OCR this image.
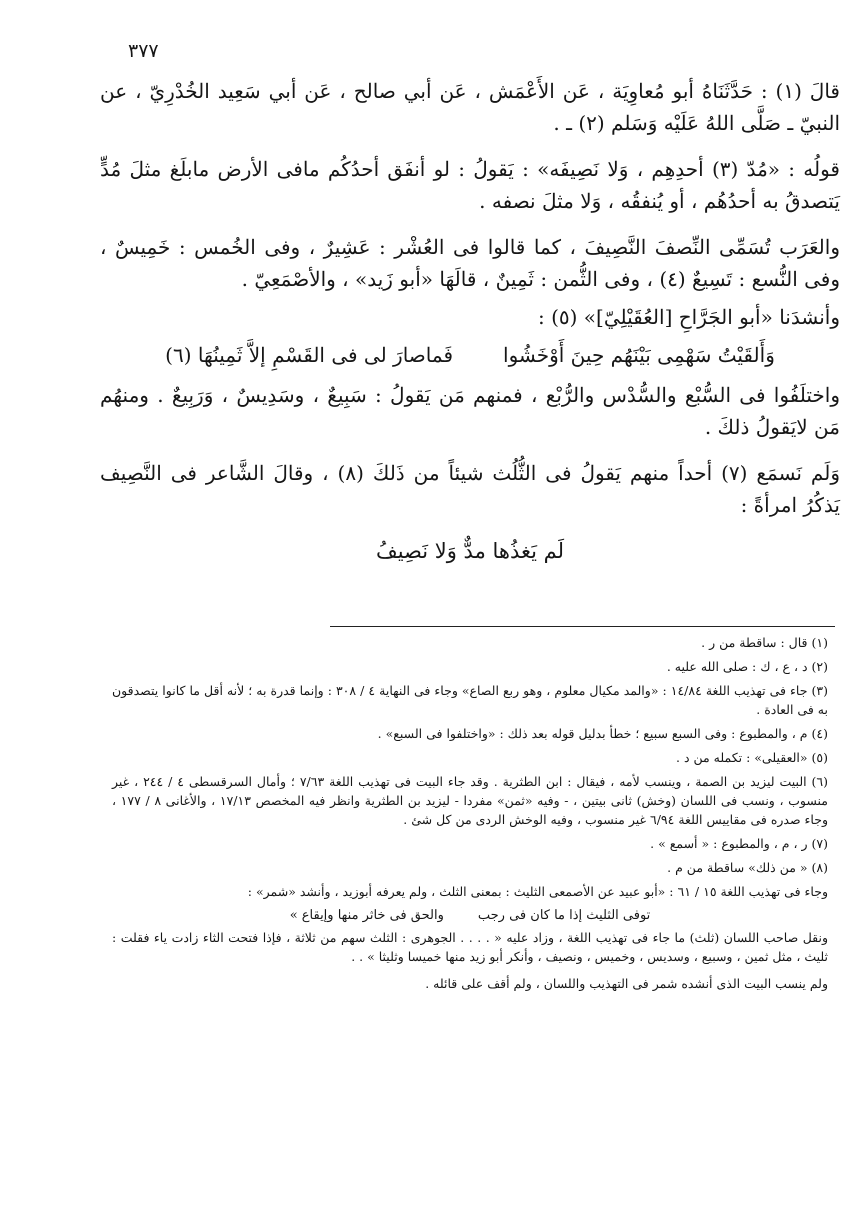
٣٧٧

قالَ (١) : حَدَّثَنَاهُ أبو مُعاوِيَة ، عَن الأَعْمَش ، عَن أبي صالح ، عَن أبي سَعِيد الخُدْرِيّ ، عن النبيّ ـ صَلَّى اللهُ عَلَيْه وَسَلم (٢) ـ .

قولُه : «مُدّ (٣) أحدِهِم ، وَلا نَصِيفَه» : يَقولُ : لو أنفَق أحدُكُم مافى الأرض مابلَغ مثلَ مُدٍّ يَتصدقُ به أحدُهُم ، أو يُنفقُه ، وَلا مثلَ نصفه .

والعَرَب تُسَمِّى النِّصفَ النَّصِيفَ ، كما قالوا فى العُشْر : عَشِيرٌ ، وفى الخُمس : خَمِيسٌ ، وفى النُّسع : تَسِيعٌ (٤) ، وفى الثُّمن : ثَمِينٌ ، قالَهَا «أبو زَيد» ، والأصْمَعِيّ .

وأنشدَنا «أبو الجَرَّاحِ [العُقَيْلِيّ]» (٥) :

وَأَلقَيْتُ سَهْمِى بَيْنَهُم حِينَ أَوْخَشُوا
فَماصارَ لى فى القَسْمِ إلاَّ ثَمِينُهَا (٦)

واختلَفُوا فى السُّبْع والسُّدْس والرُّبْع ، فمنهم مَن يَقولُ : سَبِيعٌ ، وسَدِيسٌ ، وَرَبِيعٌ . ومنهُم مَن لايَقولُ ذلكَ .

وَلَم نَسمَع (٧) أحداً منهم يَقولُ فى الثُّلُث شيئاً من ذَلكَ (٨) ، وقالَ الشَّاعر فى النَّصِيف يَذكُرُ امرأةً :

لَم يَغذُها مدٌّ وَلا نَصِيفُ
(١) قال : ساقطة من ر .
(٢) د ، ع ، ك : صلى الله عليه .
(٣) جاء فى تهذيب اللغة ١٤/٨٤ : «والمد مكيال معلوم ، وهو ربع الصاع» وجاء فى النهاية ٤ / ٣٠٨ : وإنما قدرة به ؛ لأنه أقل ما كانوا يتصدقون به فى العادة .
(٤) م ، والمطبوع : وفى السبع سبيع ؛ خطأ بدليل قوله بعد ذلك : «واختلفوا فى السبع» .
(٥) «العقيلى» : تكمله من د .
(٦) البيت ليزيد بن الصمة ، وينسب لأمه ، فيقال : ابن الطثرية . وقد جاء البيت فى تهذيب اللغة ٧/٦٣ ؛ وأمال السرقسطى ٤ / ٢٤٤ ، غير منسوب ، ونسب فى اللسان (وخش) ثانى بيتين ، - وفيه «ثمن» مفردا - ليزيد بن الطثرية وانظر فيه المخصص ١٧/١٣ ، والأغانى ٨ / ١٧٧ ، وجاء صدره فى مقاييس اللغة ٦/٩٤ غير منسوب ، وفيه الوخش الردى من كل شئ .
(٧) ر ، م ، والمطبوع : « أسمع » .
(٨) « من ذلك» ساقطة من م .
وجاء فى تهذيب اللغة ١٥ / ٦١ : «أبو عبيد عن الأصمعى الثليث : بمعنى الثلث ، ولم يعرفه أبوزيد ، وأنشد «شمر» :
توفى الثليث إذا ما كان فى رجب
والحق فى خاثر منها وإيقاع »
ونقل صاحب اللسان (ثلث) ما جاء فى تهذيب اللغة ، وزاد عليه « . . . . الجوهرى : الثلث سهم من ثلاثة ، فإذا فتحت الثاء زادت ياء فقلت : ثليث ، مثل ثمين ، وسبيع ، وسديس ، وخميس ، ونصيف ، وأنكر أبو زيد منها خميسا وثليثا » . .
ولم ينسب البيت الذى أنشده شمر فى التهذيب واللسان ، ولم أقف على قائله .
